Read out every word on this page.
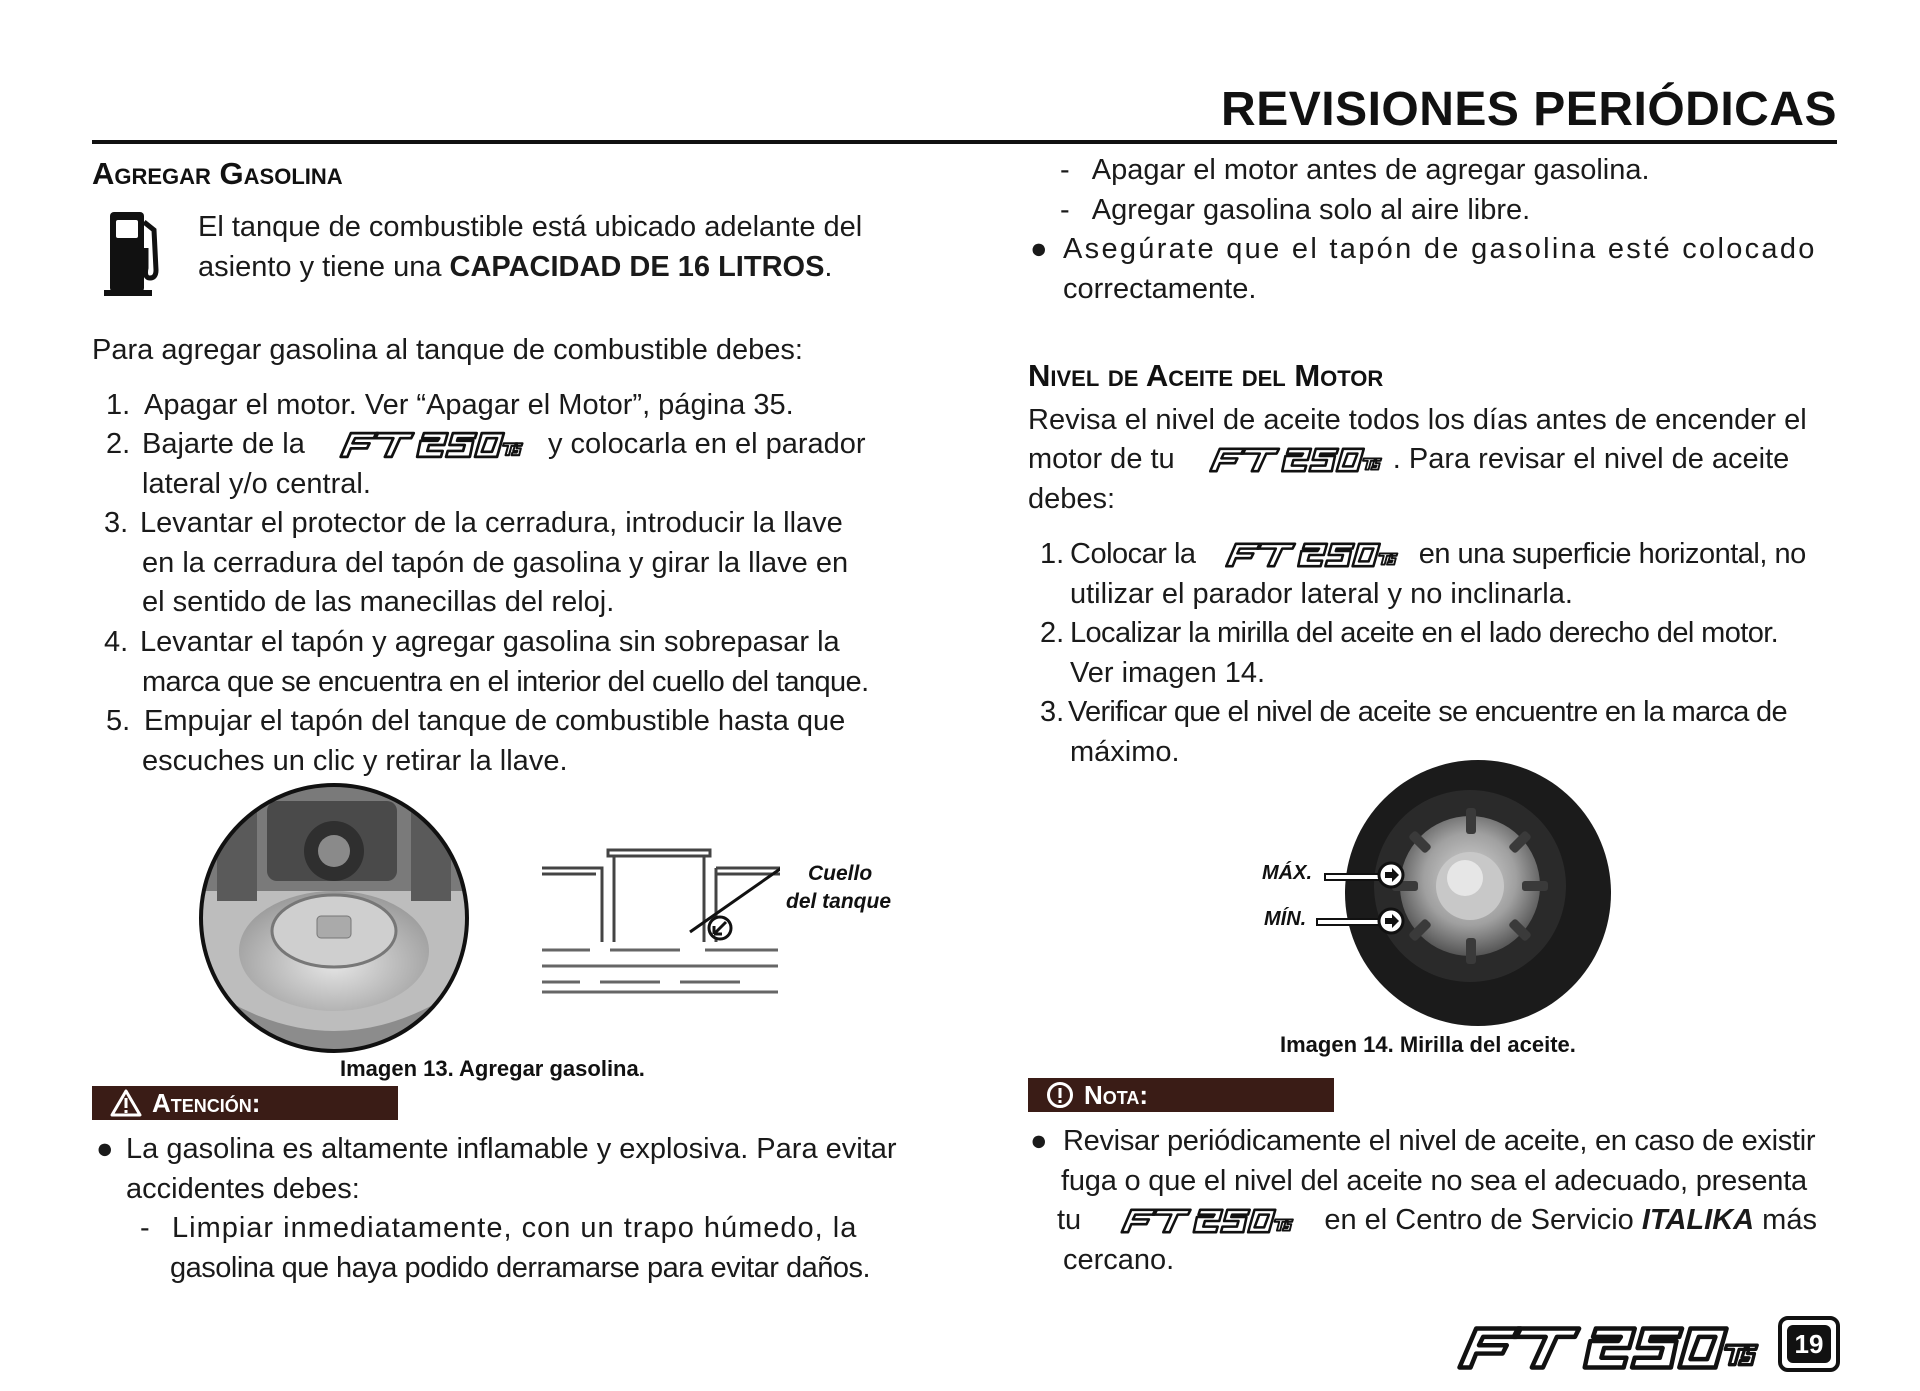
REVISIONES PERIÓDICAS
Agregar Gasolina
El tanque de combustible está ubicado adelante del asiento y tiene una CAPACIDAD DE 16 LITROS.
Para agregar gasolina al tanque de combustible debes:
1. Apagar el motor. Ver “Apagar el Motor”, página 35.
2. Bajarte de la	y colocarla en el parador
lateral y/o central.
3. Levantar el protector de la cerradura, introducir la llave
en la cerradura del tapón de gasolina y girar la llave en
el sentido de las manecillas del reloj.
4. Levantar el tapón y agregar gasolina sin sobrepasar la
marca que se encuentra en el interior del cuello del tanque.
5. Empujar el tapón del tanque de combustible hasta que
escuches un clic y retirar la llave.
Cuello
del tanque
Imagen 13. Agregar gasolina.
Atención:
● La gasolina es altamente inflamable y explosiva. Para evitar
accidentes debes:
- Limpiar inmediatamente, con un trapo húmedo, la
gasolina que haya podido derramarse para evitar daños.
- Apagar el motor antes de agregar gasolina.
- Agregar gasolina solo al aire libre.
● Asegúrate que el tapón de gasolina esté colocado
correctamente.
Nivel de Aceite del Motor
Revisa el nivel de aceite todos los días antes de encender el
motor de tu	. Para revisar el nivel de aceite
debes:
1. Colocar la	en una superficie horizontal, no
utilizar el parador lateral y no inclinarla.
2. Localizar la mirilla del aceite en el lado derecho del motor.
Ver imagen 14.
3. Verificar que el nivel de aceite se encuentre en la marca de
máximo.
MÁX.
MÍN.
Imagen 14. Mirilla del aceite.
Nota:
● Revisar periódicamente el nivel de aceite, en caso de existir
fuga o que el nivel del aceite no sea el adecuado, presenta
tu	en el Centro de Servicio ITALIKA más
cercano.
19
